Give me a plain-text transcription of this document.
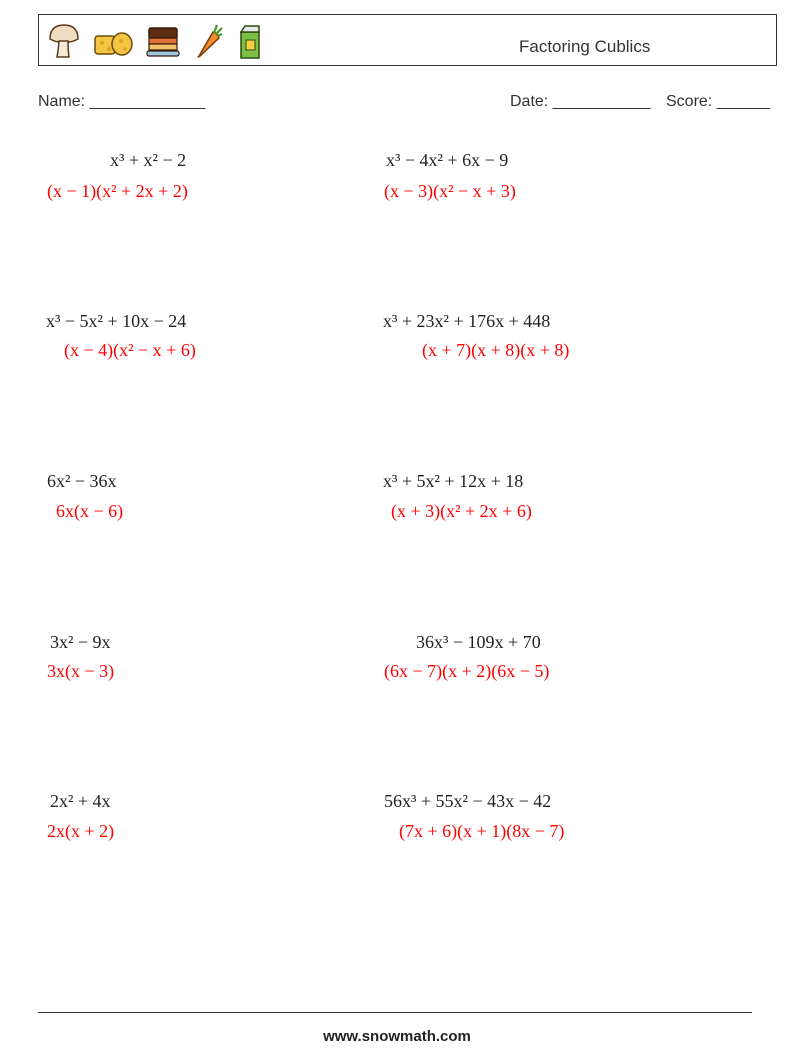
Factoring Cublics
Name: _____________	Date: ___________ Score: ______
x³ + x² − 2
(x − 1)(x² + 2x + 2)
x³ − 4x² + 6x − 9
(x − 3)(x² − x + 3)
x³ − 5x² + 10x − 24
(x − 4)(x² − x + 6)
x³ + 23x² + 176x + 448
(x + 7)(x + 8)(x + 8)
6x² − 36x
6x(x − 6)
x³ + 5x² + 12x + 18
(x + 3)(x² + 2x + 6)
3x² − 9x
3x(x − 3)
36x³ − 109x + 70
(6x − 7)(x + 2)(6x − 5)
2x² + 4x
2x(x + 2)
56x³ + 55x² − 43x − 42
(7x + 6)(x + 1)(8x − 7)
www.snowmath.com
